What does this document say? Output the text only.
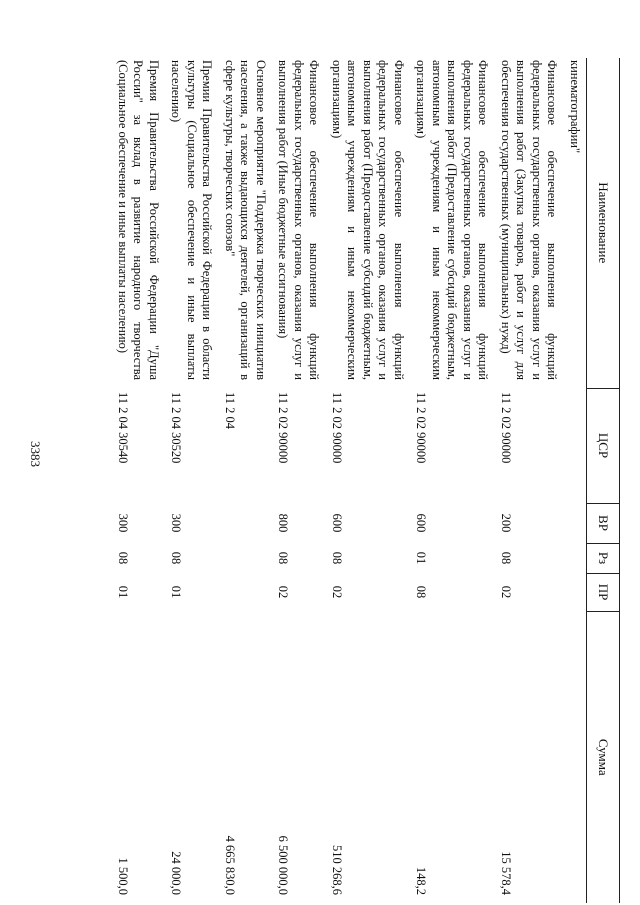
3383
Наименование	ЦСР	ВР	Рз	ПР	Сумма
кинематографии"					
Финансовое обеспечение выполнения функций федеральных государственных органов, оказания услуг и выполнения работ (Закупка товаров, работ и услуг для обеспечения государственных (муниципальных) нужд)	11 2 02 90000	200	08	02	15 578,4
Финансовое обеспечение выполнения функций федеральных государственных органов, оказания услуг и выполнения работ (Предоставление субсидий бюджетным, автономным учреждениям и иным некоммерческим организациям)	11 2 02 90000	600	01	08	148,2
Финансовое обеспечение выполнения функций федеральных государственных органов, оказания услуг и выполнения работ (Предоставление субсидий бюджетным, автономным учреждениям и иным некоммерческим организациям)	11 2 02 90000	600	08	02	510 268,6
Финансовое обеспечение выполнения функций федеральных государственных органов, оказания услуг и выполнения работ (Иные бюджетные ассигнования)	11 2 02 90000	800	08	02	6 500 000,0
Основное мероприятие "Поддержка творческих инициатив населения, а также выдающихся деятелей, организаций в сфере культуры, творческих союзов"	11 2 04				4 665 830,0
Премии Правительства Российской Федерации в области культуры (Социальное обеспечение и иные выплаты населению)	11 2 04 30520	300	08	01	24 000,0
Премия Правительства Российской Федерации "Душа России" за вклад в развитие народного творчества (Социальное обеспечение и иные выплаты населению)	11 2 04 30540	300	08	01	1 500,0
